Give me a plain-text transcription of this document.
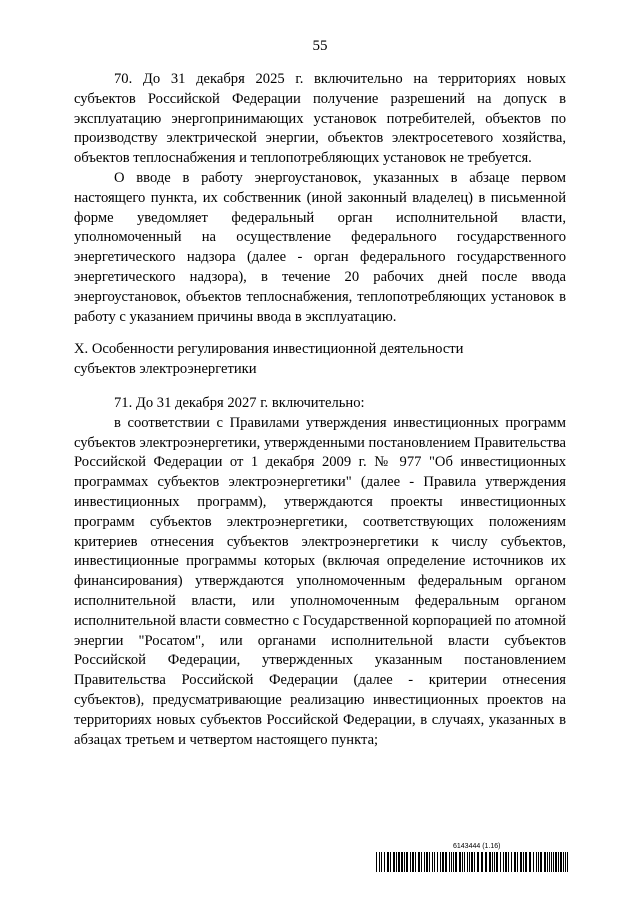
55

70. До 31 декабря 2025 г. включительно на территориях новых субъектов Российской Федерации получение разрешений на допуск в эксплуатацию энергопринимающих установок потребителей, объектов по производству электрической энергии, объектов электросетевого хозяйства, объектов теплоснабжения и теплопотребляющих установок не требуется.

О вводе в работу энергоустановок, указанных в абзаце первом настоящего пункта, их собственник (иной законный владелец) в письменной форме уведомляет федеральный орган исполнительной власти, уполномоченный на осуществление федерального государственного энергетического надзора (далее - орган федерального государственного энергетического надзора), в течение 20 рабочих дней после ввода энергоустановок, объектов теплоснабжения, теплопотребляющих установок в работу с указанием причины ввода в эксплуатацию.

X. Особенности регулирования инвестиционной деятельности
субъектов электроэнергетики

71. До 31 декабря 2027 г. включительно:

в соответствии с Правилами утверждения инвестиционных программ субъектов электроэнергетики, утвержденными постановлением Правительства Российской Федерации от 1 декабря 2009 г. № 977 "Об инвестиционных программах субъектов электроэнергетики" (далее - Правила утверждения инвестиционных программ), утверждаются проекты инвестиционных программ субъектов электроэнергетики, соответствующих положениям критериев отнесения субъектов электроэнергетики к числу субъектов, инвестиционные программы которых (включая определение источников их финансирования) утверждаются уполномоченным федеральным органом исполнительной власти, или уполномоченным федеральным органом исполнительной власти совместно с Государственной корпорацией по атомной энергии "Росатом", или органами исполнительной власти субъектов Российской Федерации, утвержденных указанным постановлением Правительства Российской Федерации (далее - критерии отнесения субъектов), предусматривающие реализацию инвестиционных проектов на территориях новых субъектов Российской Федерации, в случаях, указанных в абзацах третьем и четвертом настоящего пункта;

6143444 (1.16)
